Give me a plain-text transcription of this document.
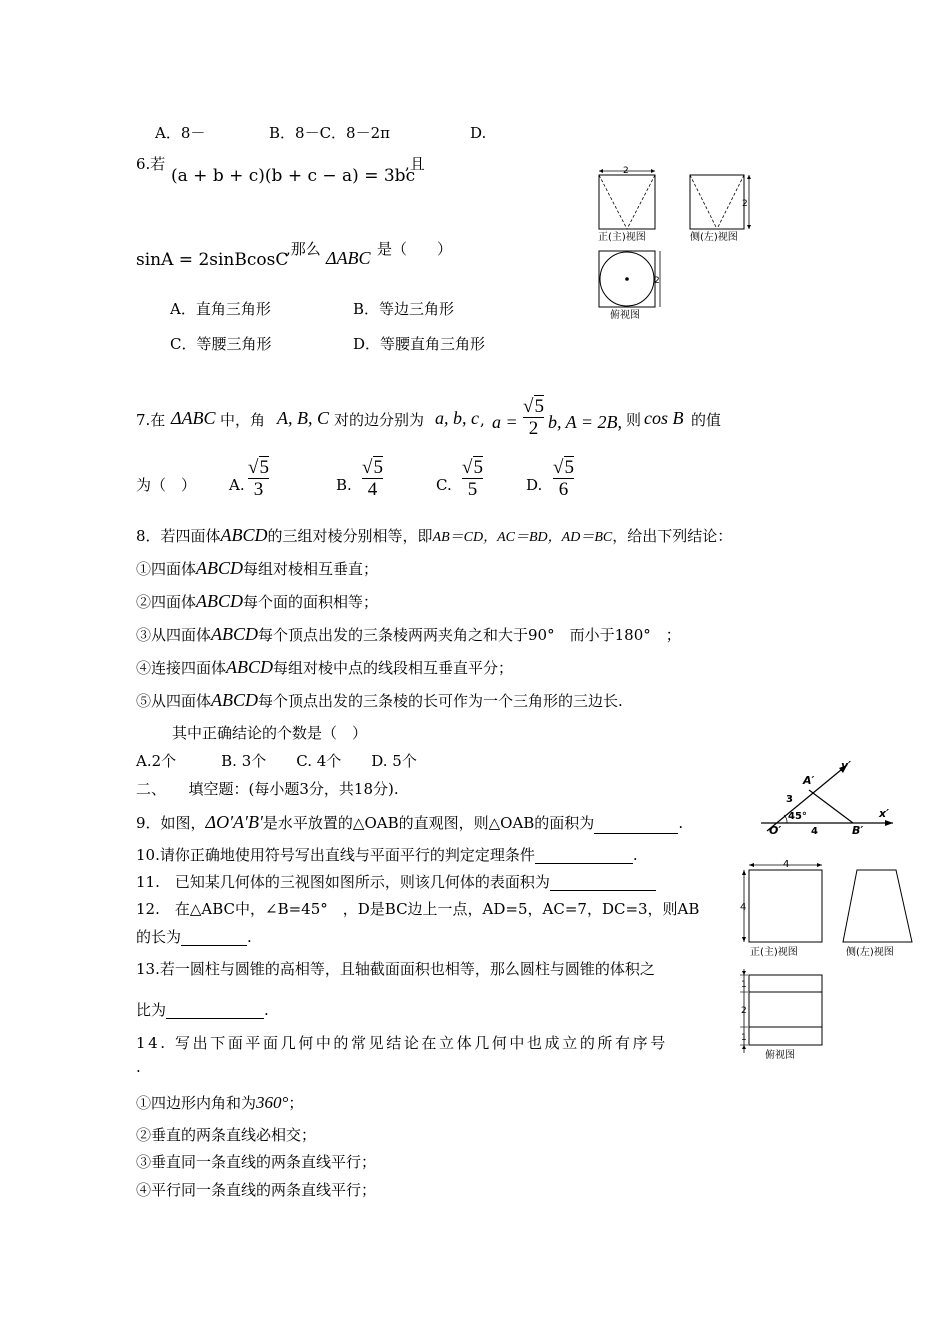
A．8－	B．8－C．8－2π	D.
6.若
(a + b + c)(b + c − a) = 3bc
,且
sinA = 2sinBcosC
,那么 ΔABC 是（　　）
A．直角三角形	B．等边三角形
C．等腰三角形	D．等腰直角三角形
2
正(主)视图
2
侧(左)视图
2
俯视图
7.在 ΔABC 中，角 A, B, C 对的边分别为 a, b, c , $a = \frac{√5}{2} b$, A = 2B, 则 cos B 的值
为（　） A. $\frac{√5}{3}$	B. $\frac{√5}{4}$	C. $\frac{√5}{5}$	D. $\frac{√5}{6}$
8．若四面体ABCD的三组对棱分别相等，即AB＝CD，AC＝BD，AD＝BC，给出下列结论：
①四面体ABCD每组对棱相互垂直；
②四面体ABCD每个面的面积相等；
③从四面体ABCD每个顶点出发的三条棱两两夹角之和大于90°　而小于180°　；
④连接四面体ABCD每组对棱中点的线段相互垂直平分；
⑤从四面体ABCD每个顶点出发的三条棱的长可作为一个三角形的三边长.
其中正确结论的个数是（　）
A.2个　　　B. 3个　　C. 4个　　D. 5个
二、　　填空题：(每小题3分，共18分).
9．如图，ΔO′A′B′是水平放置的△OAB的直观图，则△OAB的面积为	.
10.请你正确地使用符号写出直线与平面平行的判定定理条件	.
11.　已知某几何体的三视图如图所示，则该几何体的表面积为
12.　在△ABC中，∠B=45°　，D是BC边上一点，AD=5，AC=7，DC=3，则AB
的长为	.
13.若一圆柱与圆锥的高相等，且轴截面面积也相等，那么圆柱与圆锥的体积之
比为	.
14. 写出下面平面几何中的常见结论在立体几何中也成立的所有序号
.
①四边形内角和为360°；
②垂直的两条直线必相交；
③垂直同一条直线的两条直线平行；
④平行同一条直线的两条直线平行；
y′
x′
A′
O′	B′
3
45°
4
4
4
正(主)视图	侧(左)视图
1
2
1
俯视图
